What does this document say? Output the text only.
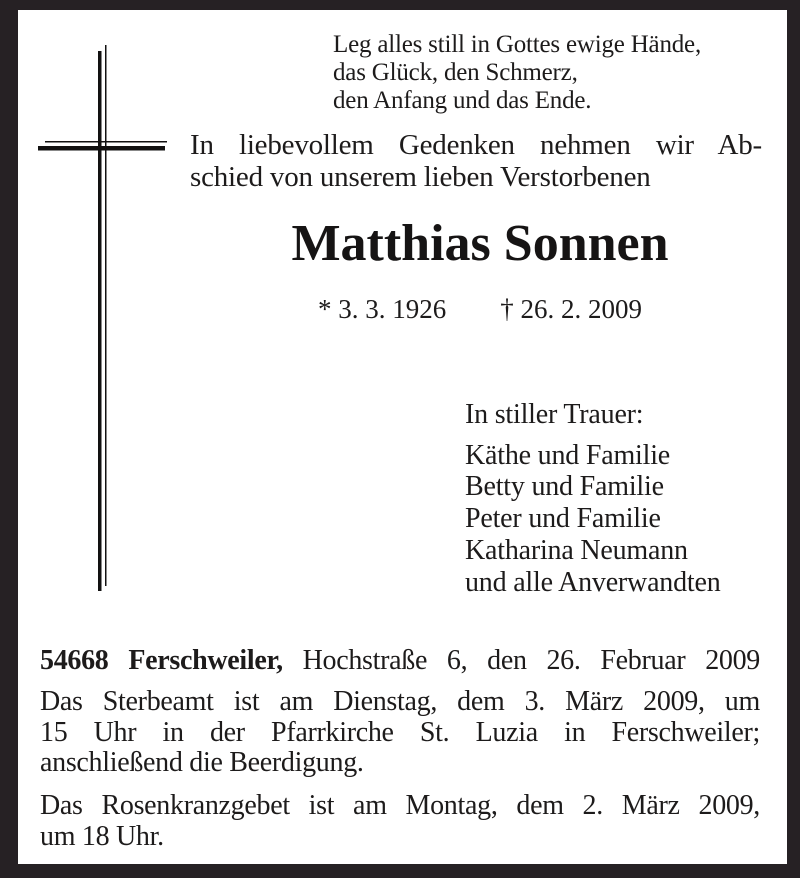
Leg alles still in Gottes ewige Hände,
das Glück, den Schmerz,
den Anfang und das Ende.
In liebevollem Gedenken nehmen wir Ab-
schied von unserem lieben Verstorbenen
Matthias Sonnen
* 3. 3. 1926 † 26. 2. 2009
In stiller Trauer:
Käthe und Familie
Betty und Familie
Peter und Familie
Katharina Neumann
und alle Anverwandten
54668 Ferschweiler, Hochstraße 6, den 26. Februar 2009
Das Sterbeamt ist am Dienstag, dem 3. März 2009, um
15 Uhr in der Pfarrkirche St. Luzia in Ferschweiler;
anschließend die Beerdigung.
Das Rosenkranzgebet ist am Montag, dem 2. März 2009,
um 18 Uhr.
